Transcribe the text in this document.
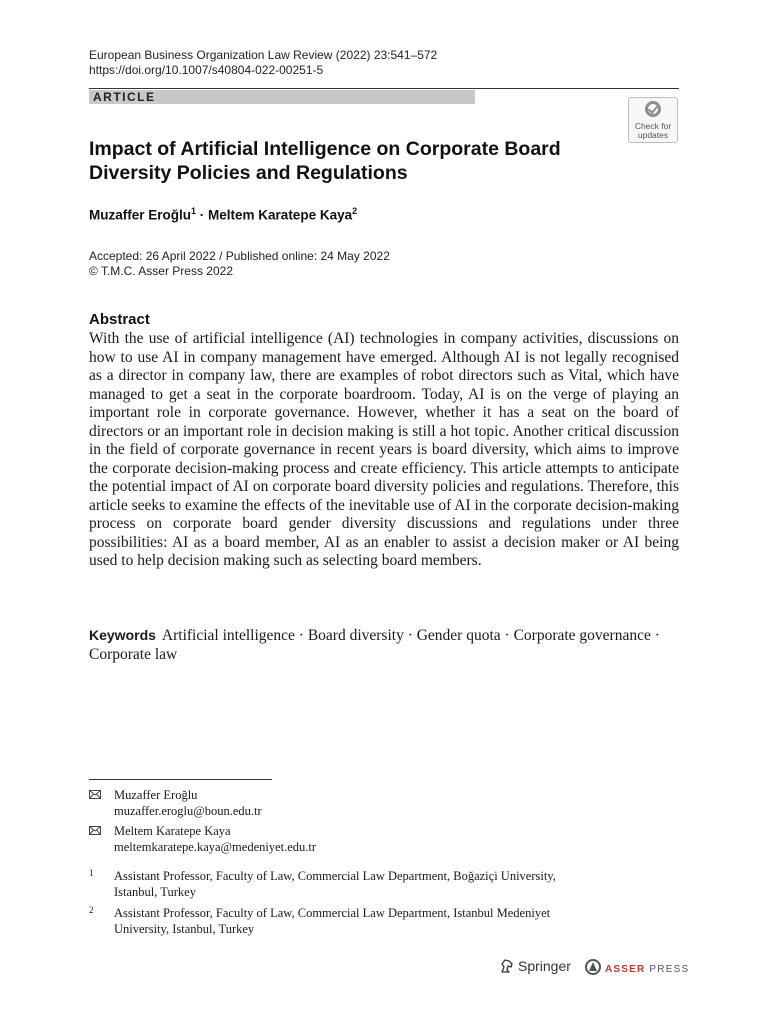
European Business Organization Law Review (2022) 23:541–572
https://doi.org/10.1007/s40804-022-00251-5
ARTICLE
Check for
updates
Impact of Artificial Intelligence on Corporate Board
Diversity Policies and Regulations
Muzaffer Eroğlu$^1$ · Meltem Karatepe Kaya$^2$
Accepted: 26 April 2022 / Published online: 24 May 2022
© T.M.C. Asser Press 2022
Abstract
With the use of artificial intelligence (AI) technologies in company activities, discussions on how to use AI in company management have emerged. Although AI is not legally recognised as a director in company law, there are examples of robot directors such as Vital, which have managed to get a seat in the corporate boardroom. Today, AI is on the verge of playing an important role in corporate governance. However, whether it has a seat on the board of directors or an important role in decision making is still a hot topic. Another critical discussion in the field of corporate governance in recent years is board diversity, which aims to improve the corporate decision-making process and create efficiency. This article attempts to anticipate the potential impact of AI on corporate board diversity policies and regulations. Therefore, this article seeks to examine the effects of the inevitable use of AI in the corporate decision-making process on corporate board gender diversity discussions and regulations under three possibilities: AI as a board member, AI as an enabler to assist a decision maker or AI being used to help decision making such as selecting board members.
Keywords Artificial intelligence · Board diversity · Gender quota · Corporate governance · Corporate law
Muzaffer Eroğlu
muzaffer.eroglu@boun.edu.tr
Meltem Karatepe Kaya
meltemkaratepe.kaya@medeniyet.edu.tr
1 Assistant Professor, Faculty of Law, Commercial Law Department, Boğaziçi University,
Istanbul, Turkey
2 Assistant Professor, Faculty of Law, Commercial Law Department, Istanbul Medeniyet
University, Istanbul, Turkey
Springer	ASSER PRESS
